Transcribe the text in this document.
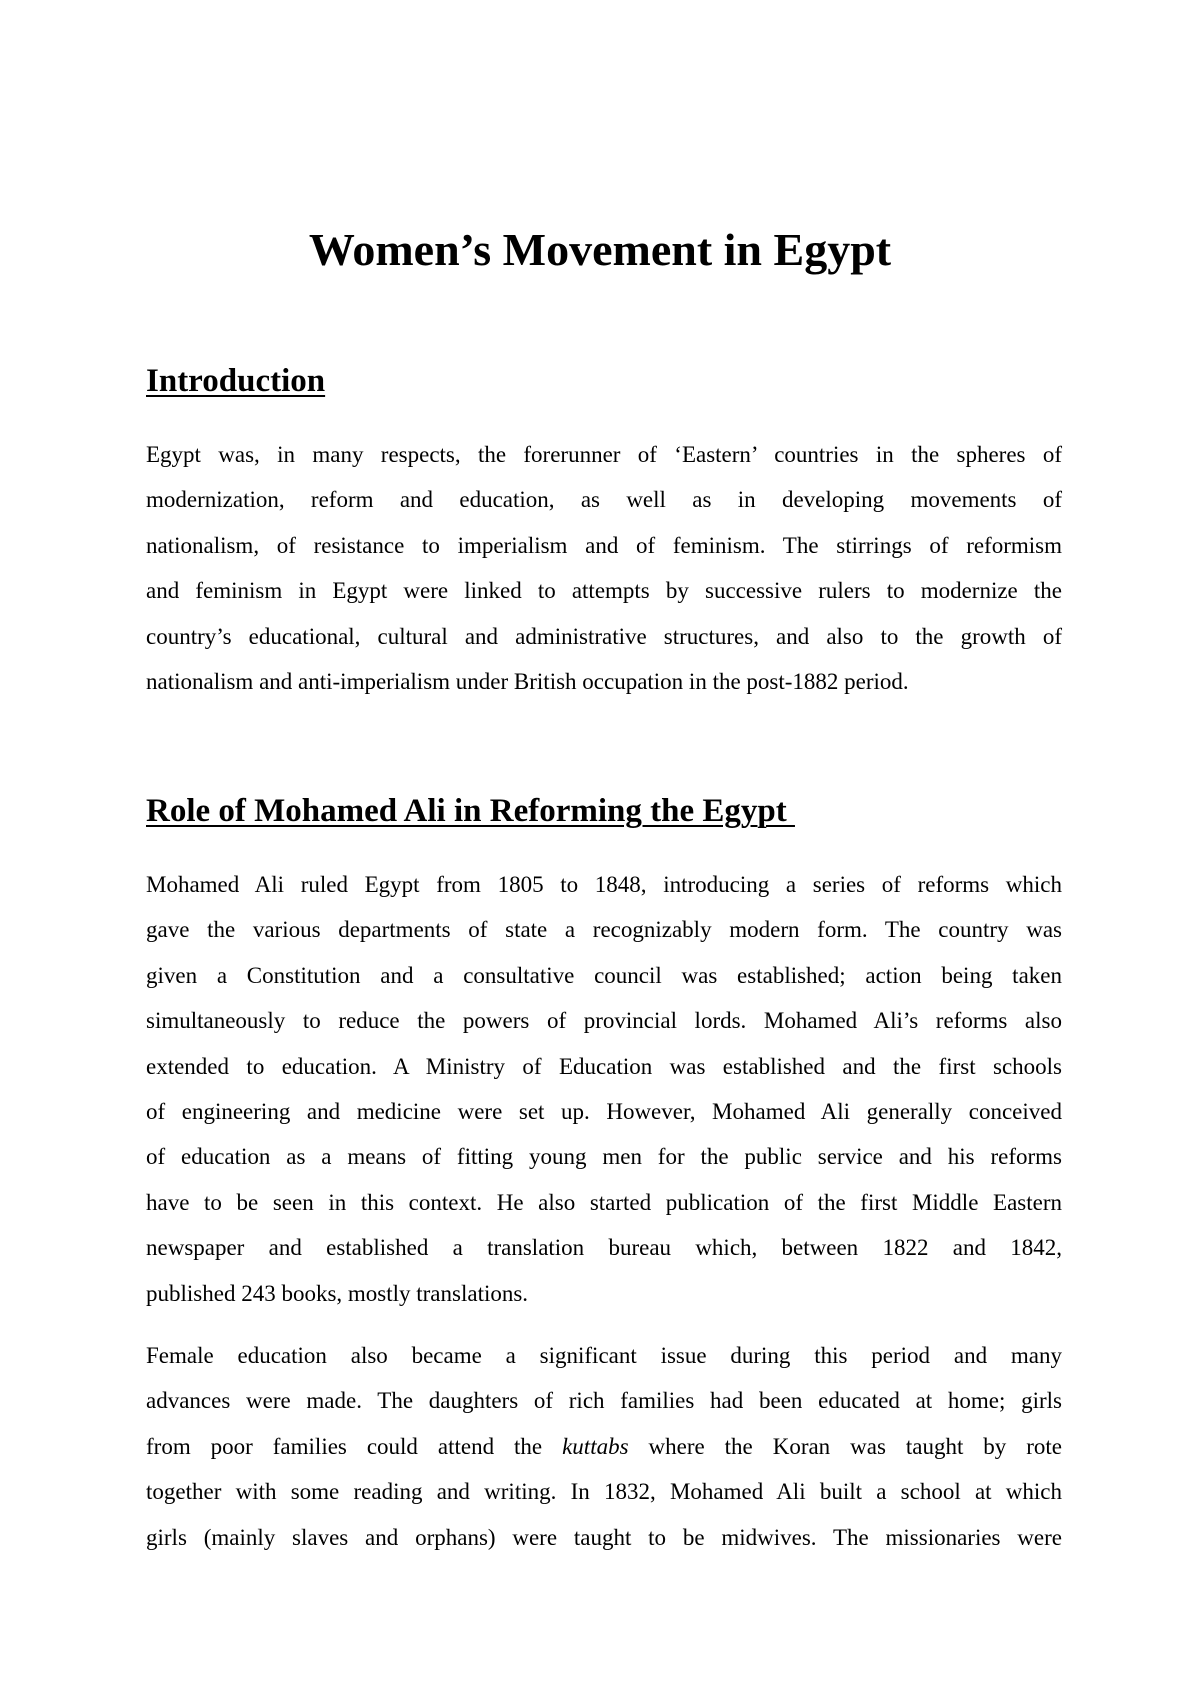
Women’s Movement in Egypt
Introduction
Egypt was, in many respects, the forerunner of ‘Eastern’ countries in the spheres of
modernization, reform and education, as well as in developing movements of
nationalism, of resistance to imperialism and of feminism. The stirrings of reformism
and feminism in Egypt were linked to attempts by successive rulers to modernize the
country’s educational, cultural and administrative structures, and also to the growth of
nationalism and anti-imperialism under British occupation in the post-1882 period.
Role of Mohamed Ali in Reforming the Egypt
Mohamed Ali ruled Egypt from 1805 to 1848, introducing a series of reforms which
gave the various departments of state a recognizably modern form. The country was
given a Constitution and a consultative council was established; action being taken
simultaneously to reduce the powers of provincial lords. Mohamed Ali’s reforms also
extended to education. A Ministry of Education was established and the first schools
of engineering and medicine were set up. However, Mohamed Ali generally conceived
of education as a means of fitting young men for the public service and his reforms
have to be seen in this context. He also started publication of the first Middle Eastern
newspaper and established a translation bureau which, between 1822 and 1842,
published 243 books, mostly translations.
Female education also became a significant issue during this period and many
advances were made. The daughters of rich families had been educated at home; girls
from poor families could attend the kuttabs where the Koran was taught by rote
together with some reading and writing. In 1832, Mohamed Ali built a school at which
girls (mainly slaves and orphans) were taught to be midwives. The missionaries were
